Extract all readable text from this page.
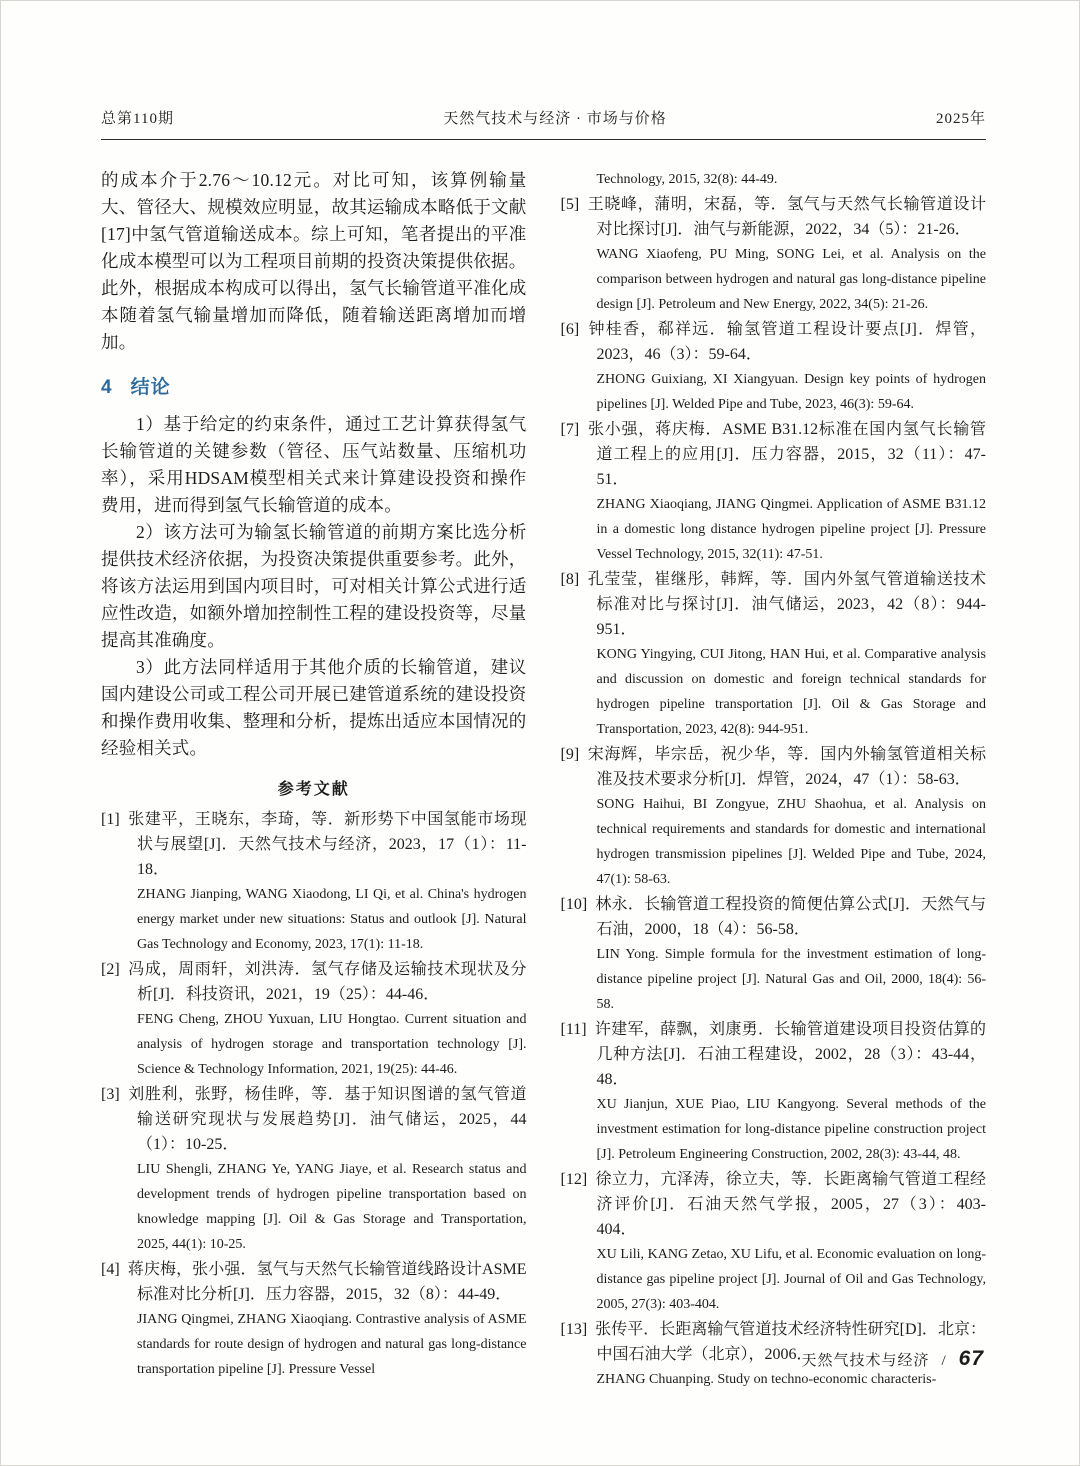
总第110期	天然气技术与经济 · 市场与价格	2025年

的成本介于2.76～10.12元。对比可知，该算例输量大、管径大、规模效应明显，故其运输成本略低于文献[17]中氢气管道输送成本。综上可知，笔者提出的平准化成本模型可以为工程项目前期的投资决策提供依据。此外，根据成本构成可以得出，氢气长输管道平准化成本随着氢气输量增加而降低，随着输送距离增加而增加。

4 结论

1）基于给定的约束条件，通过工艺计算获得氢气长输管道的关键参数（管径、压气站数量、压缩机功率），采用HDSAM模型相关式来计算建设投资和操作费用，进而得到氢气长输管道的成本。

2）该方法可为输氢长输管道的前期方案比选分析提供技术经济依据，为投资决策提供重要参考。此外，将该方法运用到国内项目时，可对相关计算公式进行适应性改造，如额外增加控制性工程的建设投资等，尽量提高其准确度。

3）此方法同样适用于其他介质的长输管道，建议国内建设公司或工程公司开展已建管道系统的建设投资和操作费用收集、整理和分析，提炼出适应本国情况的经验相关式。

参考文献

[1] 张建平，王晓东，李琦，等．新形势下中国氢能市场现状与展望[J]．天然气技术与经济，2023，17（1）：11-18．

ZHANG Jianping, WANG Xiaodong, LI Qi, et al. China's hydrogen energy market under new situations: Status and outlook [J]. Natural Gas Technology and Economy, 2023, 17(1): 11-18.

[2] 冯成，周雨轩，刘洪涛．氢气存储及运输技术现状及分析[J]．科技资讯，2021，19（25）：44-46．

FENG Cheng, ZHOU Yuxuan, LIU Hongtao. Current situation and analysis of hydrogen storage and transportation technology [J]. Science & Technology Information, 2021, 19(25): 44-46.

[3] 刘胜利，张野，杨佳晔，等．基于知识图谱的氢气管道输送研究现状与发展趋势[J]．油气储运，2025，44（1）：10-25．

LIU Shengli, ZHANG Ye, YANG Jiaye, et al. Research status and development trends of hydrogen pipeline transportation based on knowledge mapping [J]. Oil & Gas Storage and Transportation, 2025, 44(1): 10-25.

[4] 蒋庆梅，张小强．氢气与天然气长输管道线路设计ASME标准对比分析[J]．压力容器，2015，32（8）：44-49．

JIANG Qingmei, ZHANG Xiaoqiang. Contrastive analysis of ASME standards for route design of hydrogen and natural gas long-distance transportation pipeline [J]. Pressure Vessel

Technology, 2015, 32(8): 44-49.

[5] 王晓峰，蒲明，宋磊，等．氢气与天然气长输管道设计对比探讨[J]．油气与新能源，2022，34（5）：21-26．

WANG Xiaofeng, PU Ming, SONG Lei, et al. Analysis on the comparison between hydrogen and natural gas long-distance pipeline design [J]. Petroleum and New Energy, 2022, 34(5): 21-26.

[6] 钟桂香，郗祥远．输氢管道工程设计要点[J]．焊管，2023，46（3）：59-64．

ZHONG Guixiang, XI Xiangyuan. Design key points of hydrogen pipelines [J]. Welded Pipe and Tube, 2023, 46(3): 59-64.

[7] 张小强，蒋庆梅．ASME B31.12标准在国内氢气长输管道工程上的应用[J]．压力容器，2015，32（11）：47-51．

ZHANG Xiaoqiang, JIANG Qingmei. Application of ASME B31.12 in a domestic long distance hydrogen pipeline project [J]. Pressure Vessel Technology, 2015, 32(11): 47-51.

[8] 孔莹莹，崔继彤，韩辉，等．国内外氢气管道输送技术标准对比与探讨[J]．油气储运，2023，42（8）：944-951．

KONG Yingying, CUI Jitong, HAN Hui, et al. Comparative analysis and discussion on domestic and foreign technical standards for hydrogen pipeline transportation [J]. Oil & Gas Storage and Transportation, 2023, 42(8): 944-951.

[9] 宋海辉，毕宗岳，祝少华，等．国内外输氢管道相关标准及技术要求分析[J]．焊管，2024，47（1）：58-63．

SONG Haihui, BI Zongyue, ZHU Shaohua, et al. Analysis on technical requirements and standards for domestic and international hydrogen transmission pipelines [J]. Welded Pipe and Tube, 2024, 47(1): 58-63.

[10] 林永．长输管道工程投资的简便估算公式[J]．天然气与石油，2000，18（4）：56-58．

LIN Yong. Simple formula for the investment estimation of long-distance pipeline project [J]. Natural Gas and Oil, 2000, 18(4): 56-58.

[11] 许建军，薛飘，刘康勇．长输管道建设项目投资估算的几种方法[J]．石油工程建设，2002，28（3）：43-44，48．

XU Jianjun, XUE Piao, LIU Kangyong. Several methods of the investment estimation for long-distance pipeline construction project [J]. Petroleum Engineering Construction, 2002, 28(3): 43-44, 48.

[12] 徐立力，亢泽涛，徐立夫，等．长距离输气管道工程经济评价[J]．石油天然气学报，2005，27（3）：403-404．

XU Lili, KANG Zetao, XU Lifu, et al. Economic evaluation on long-distance gas pipeline project [J]. Journal of Oil and Gas Technology, 2005, 27(3): 403-404.

[13] 张传平．长距离输气管道技术经济特性研究[D]．北京：中国石油大学（北京），2006．

ZHANG Chuanping. Study on techno-economic characteris-

天然气技术与经济 / 67
